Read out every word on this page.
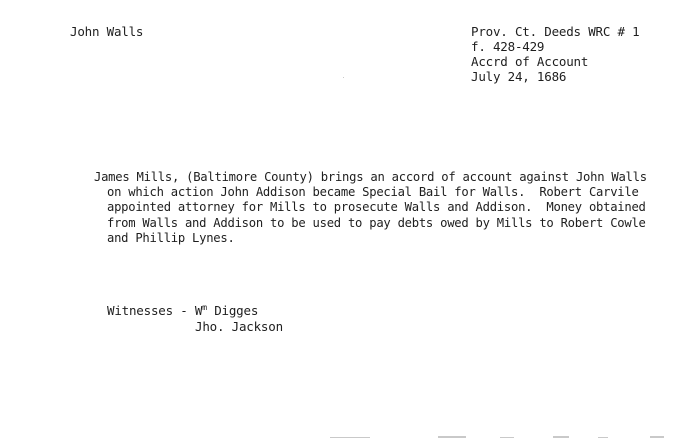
John Walls	Prov. Ct. Deeds WRC # 1
f. 428-429
Accrd of Account
July 24, 1686
James Mills, (Baltimore County) brings an accord of account against John Walls
on which action John Addison became Special Bail for Walls.  Robert Carvile
appointed attorney for Mills to prosecute Walls and Addison.  Money obtained
from Walls and Addison to be used to pay debts owed by Mills to Robert Cowle
and Phillip Lynes.
Witnesses - $W^m$ Digges
Jho. Jackson
